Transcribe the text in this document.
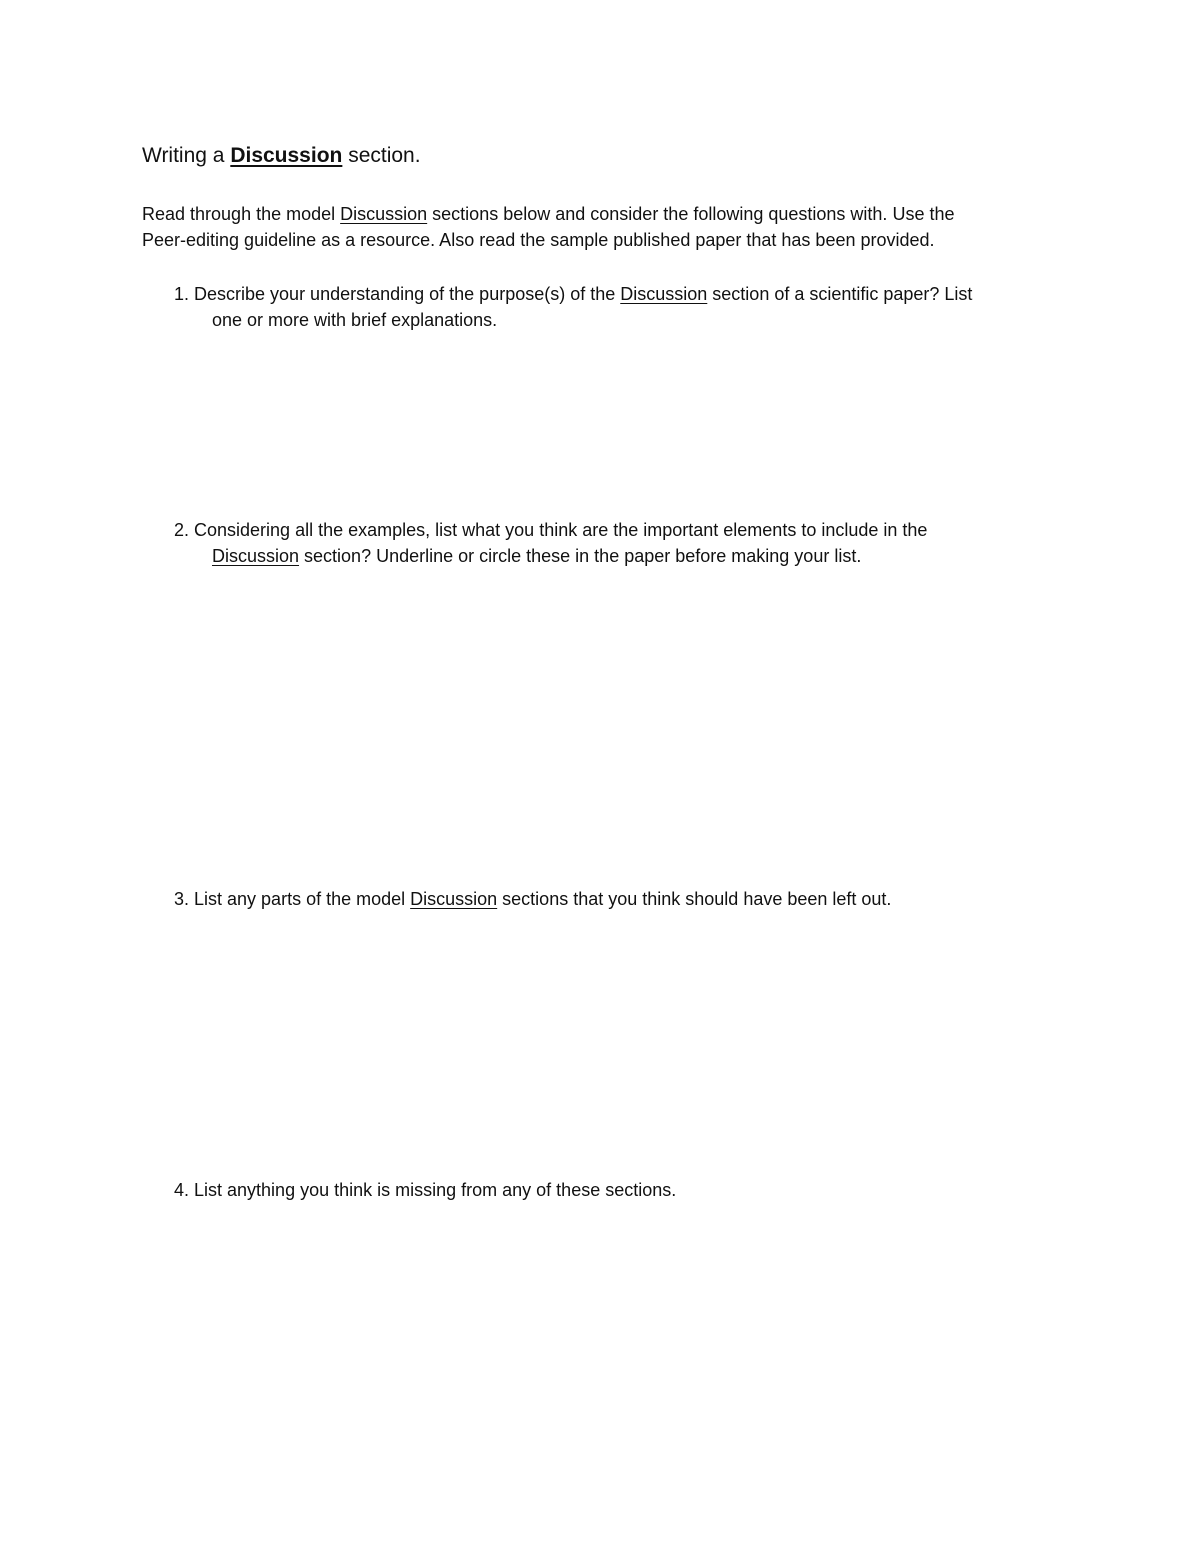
Writing a Discussion section.

Read through the model Discussion sections below and consider the following questions with. Use the

Peer-editing guideline as a resource. Also read the sample published paper that has been provided.

1. Describe your understanding of the purpose(s) of the Discussion section of a scientific paper? List
one or more with brief explanations.
2. Considering all the examples, list what you think are the important elements to include in the
Discussion section? Underline or circle these in the paper before making your list.
3. List any parts of the model Discussion sections that you think should have been left out.
4. List anything you think is missing from any of these sections.
